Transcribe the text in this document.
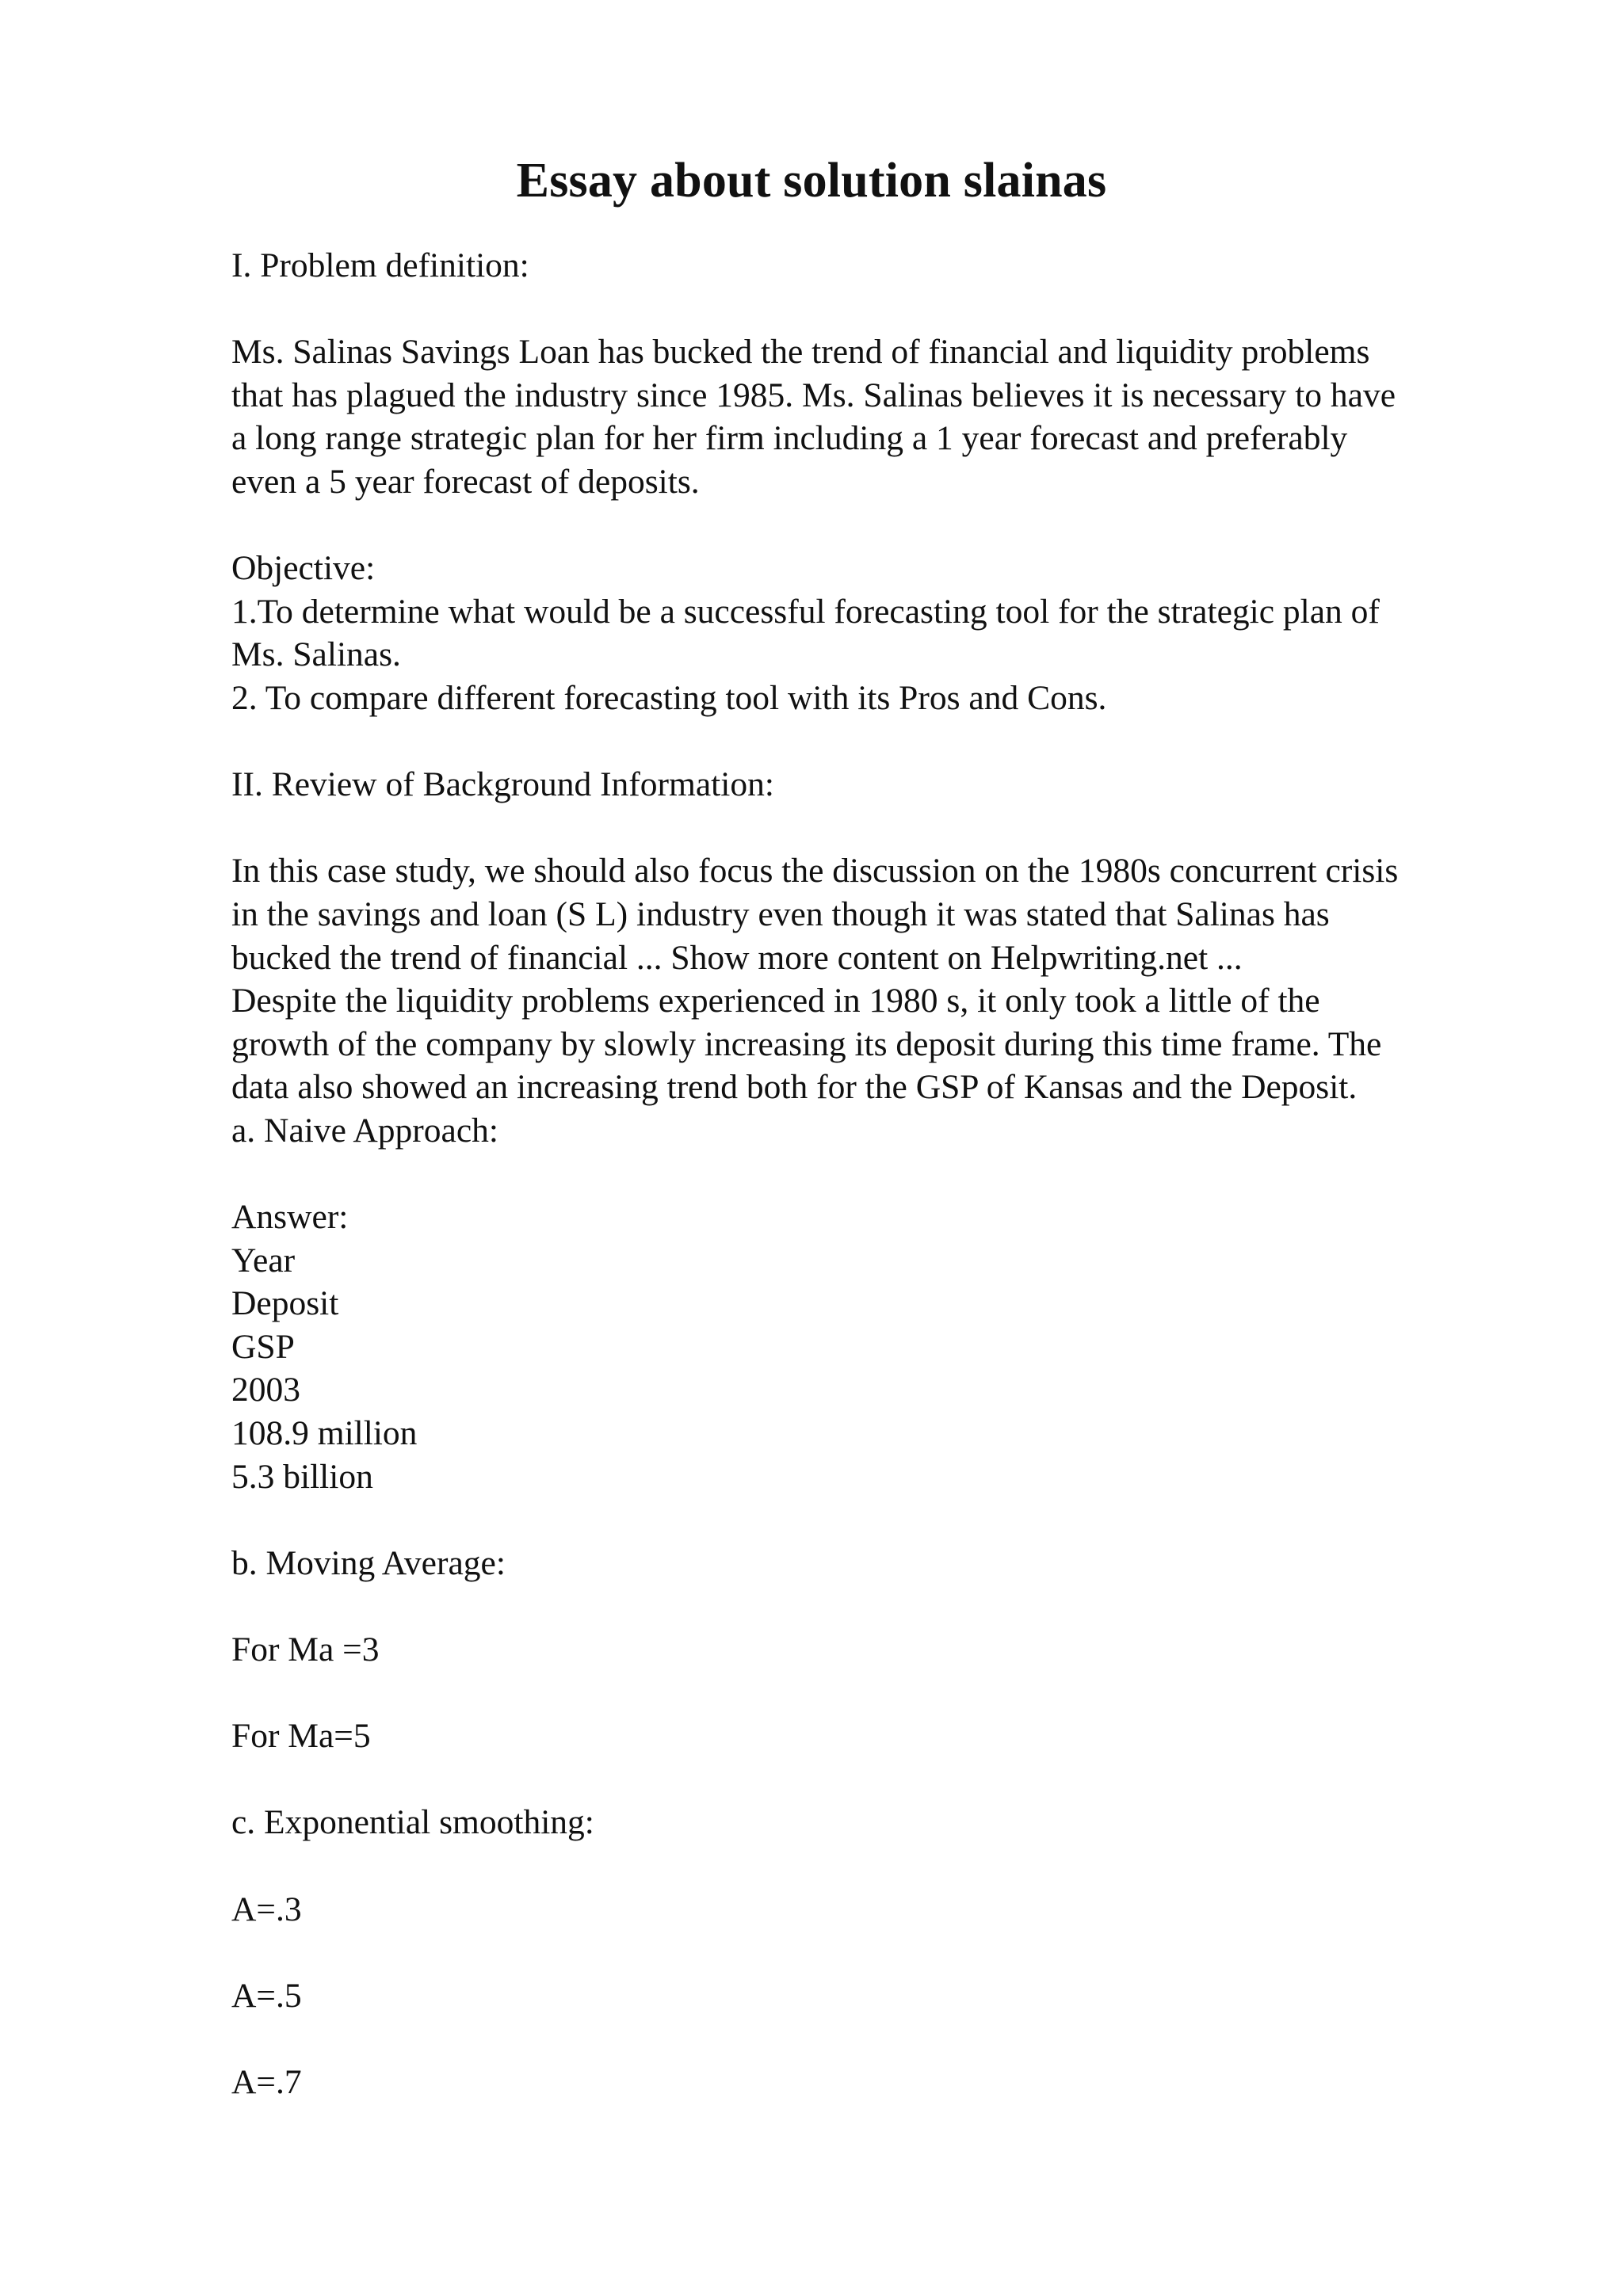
Essay about solution slainas
I. Problem definition:
Ms. Salinas Savings Loan has bucked the trend of financial and liquidity problems
that has plagued the industry since 1985. Ms. Salinas believes it is necessary to have
a long range strategic plan for her firm including a 1 year forecast and preferably
even a 5 year forecast of deposits.
Objective:
1.To determine what would be a successful forecasting tool for the strategic plan of
Ms. Salinas.
2. To compare different forecasting tool with its Pros and Cons.
II. Review of Background Information:
In this case study, we should also focus the discussion on the 1980s concurrent crisis
in the savings and loan (S L) industry even though it was stated that Salinas has
bucked the trend of financial ... Show more content on Helpwriting.net ...
Despite the liquidity problems experienced in 1980 s, it only took a little of the
growth of the company by slowly increasing its deposit during this time frame. The
data also showed an increasing trend both for the GSP of Kansas and the Deposit.
a. Naive Approach:
Answer:
Year
Deposit
GSP
2003
108.9 million
5.3 billion
b. Moving Average:
For Ma =3
For Ma=5
c. Exponential smoothing:
A=.3
A=.5
A=.7
